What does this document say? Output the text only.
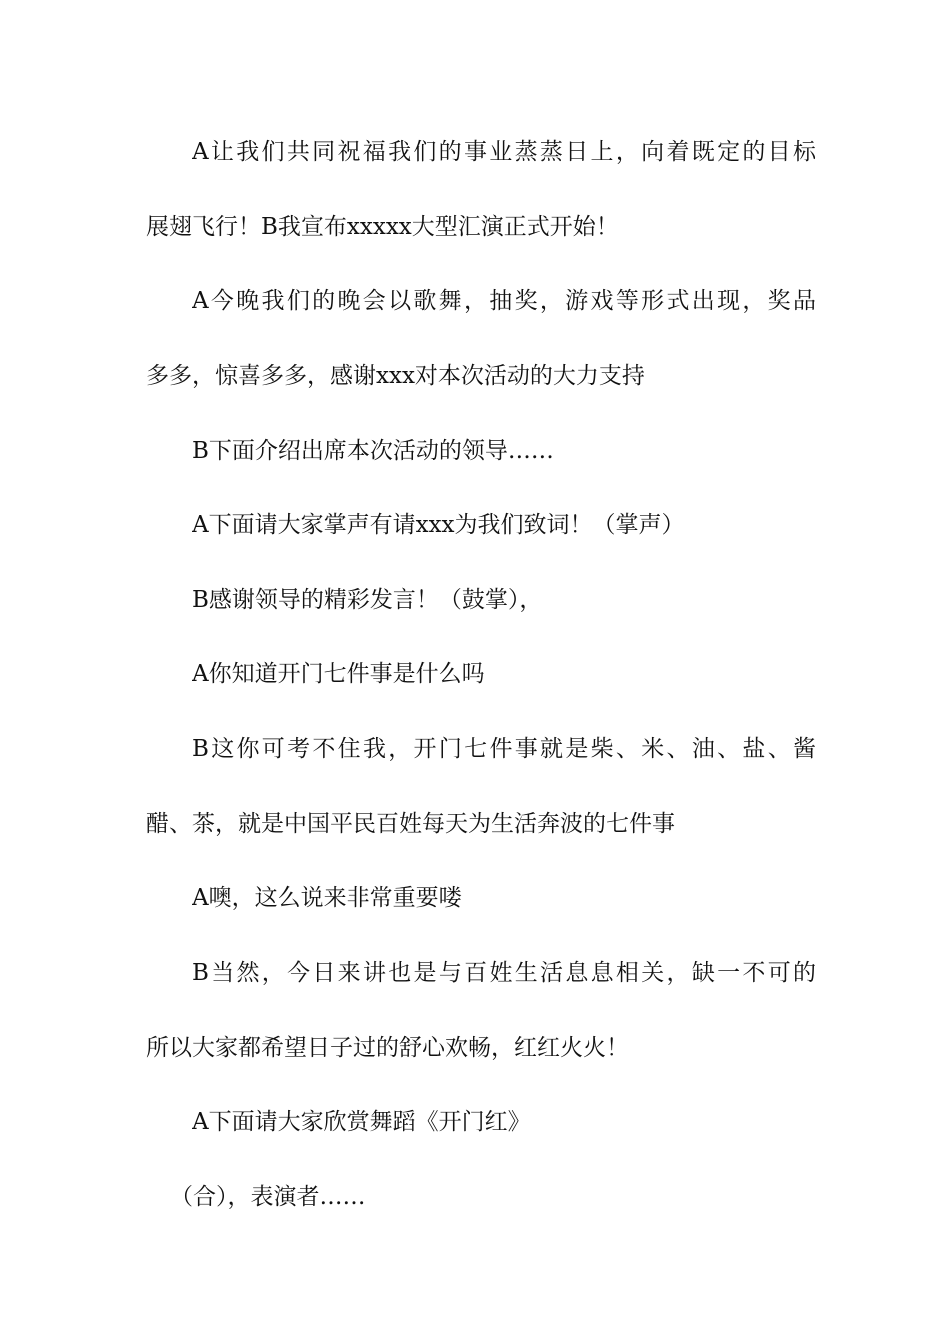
A让我们共同祝福我们的事业蒸蒸日上，向着既定的目标
展翅飞行！B我宣布xxxxx大型汇演正式开始！
A今晚我们的晚会以歌舞，抽奖，游戏等形式出现，奖品
多多，惊喜多多，感谢xxx对本次活动的大力支持
B下面介绍出席本次活动的领导……
A下面请大家掌声有请xxx为我们致词！（掌声）
B感谢领导的精彩发言！（鼓掌），
A你知道开门七件事是什么吗
B这你可考不住我，开门七件事就是柴、米、油、盐、酱
醋、茶，就是中国平民百姓每天为生活奔波的七件事
A噢，这么说来非常重要喽
B当然，今日来讲也是与百姓生活息息相关，缺一不可的
所以大家都希望日子过的舒心欢畅，红红火火！
A下面请大家欣赏舞蹈《开门红》
（合），表演者……
